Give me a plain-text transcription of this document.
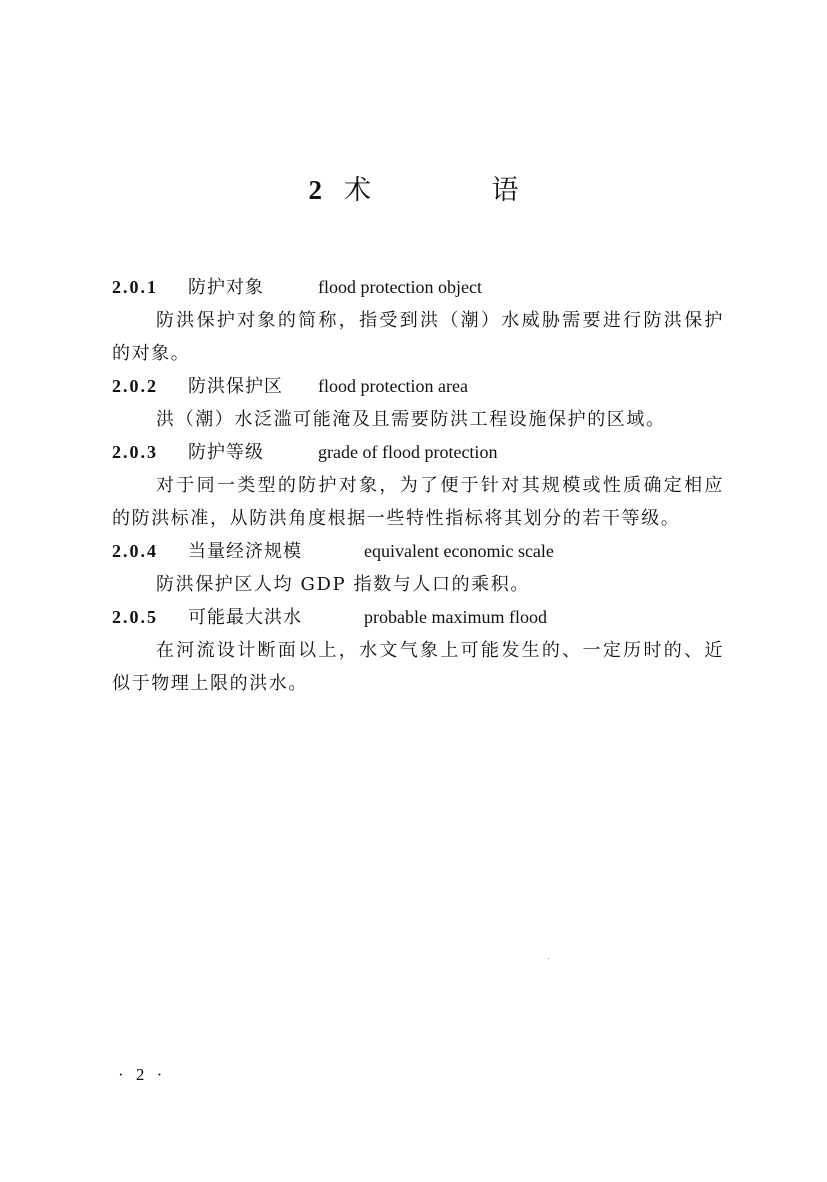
2 术 语
2.0.1 防护对象	flood protection object

防洪保护对象的简称，指受到洪（潮）水威胁需要进行防洪保护的对象。

2.0.2 防洪保护区 flood protection area

洪（潮）水泛滥可能淹及且需要防洪工程设施保护的区域。

2.0.3 防护等级	grade of flood protection

对于同一类型的防护对象，为了便于针对其规模或性质确定相应的防洪标准，从防洪角度根据一些特性指标将其划分的若干等级。

2.0.4 当量经济规模	equivalent economic scale

防洪保护区人均 GDP 指数与人口的乘积。

2.0.5 可能最大洪水	probable maximum flood

在河流设计断面以上，水文气象上可能发生的、一定历时的、近似于物理上限的洪水。

· 2 ·
